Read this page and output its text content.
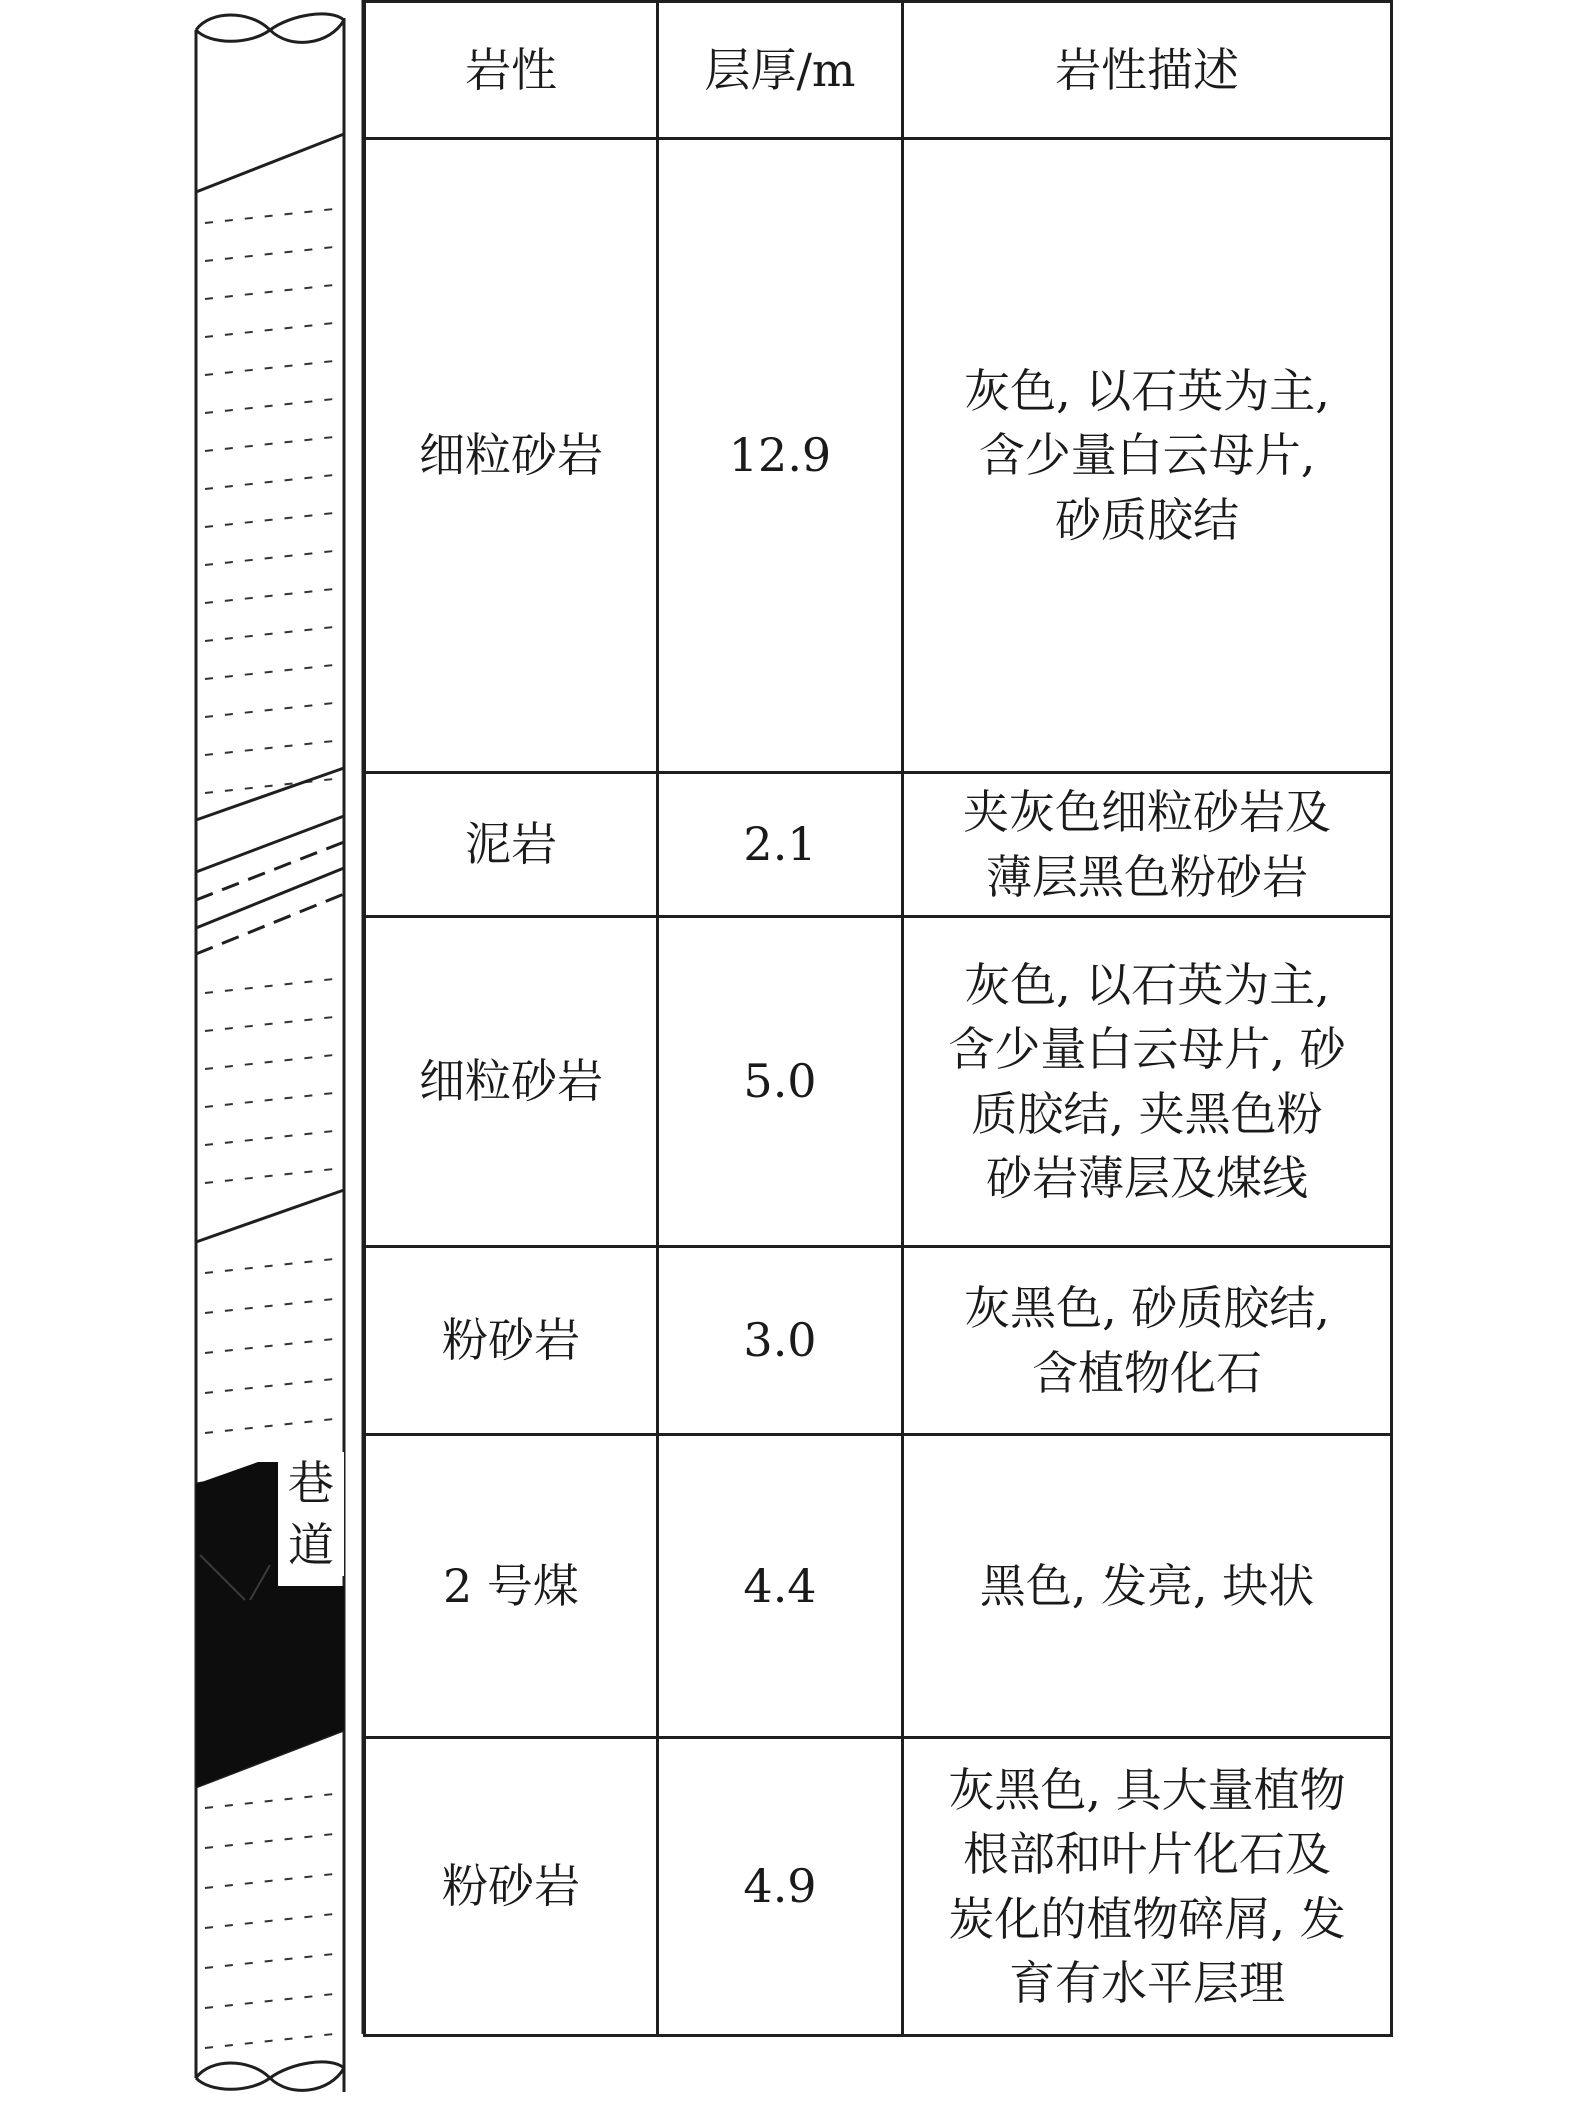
巷
道
岩性	层厚/m	岩性描述
细粒砂岩	12.9	灰色, 以石英为主,
含少量白云母片,
砂质胶结
泥岩	2.1	夹灰色细粒砂岩及
薄层黑色粉砂岩
细粒砂岩	5.0	灰色, 以石英为主,
含少量白云母片, 砂
质胶结, 夹黑色粉
砂岩薄层及煤线
粉砂岩	3.0	灰黑色, 砂质胶结,
含植物化石
2 号煤	4.4	黑色, 发亮, 块状
粉砂岩	4.9	灰黑色, 具大量植物
根部和叶片化石及
炭化的植物碎屑, 发
育有水平层理
